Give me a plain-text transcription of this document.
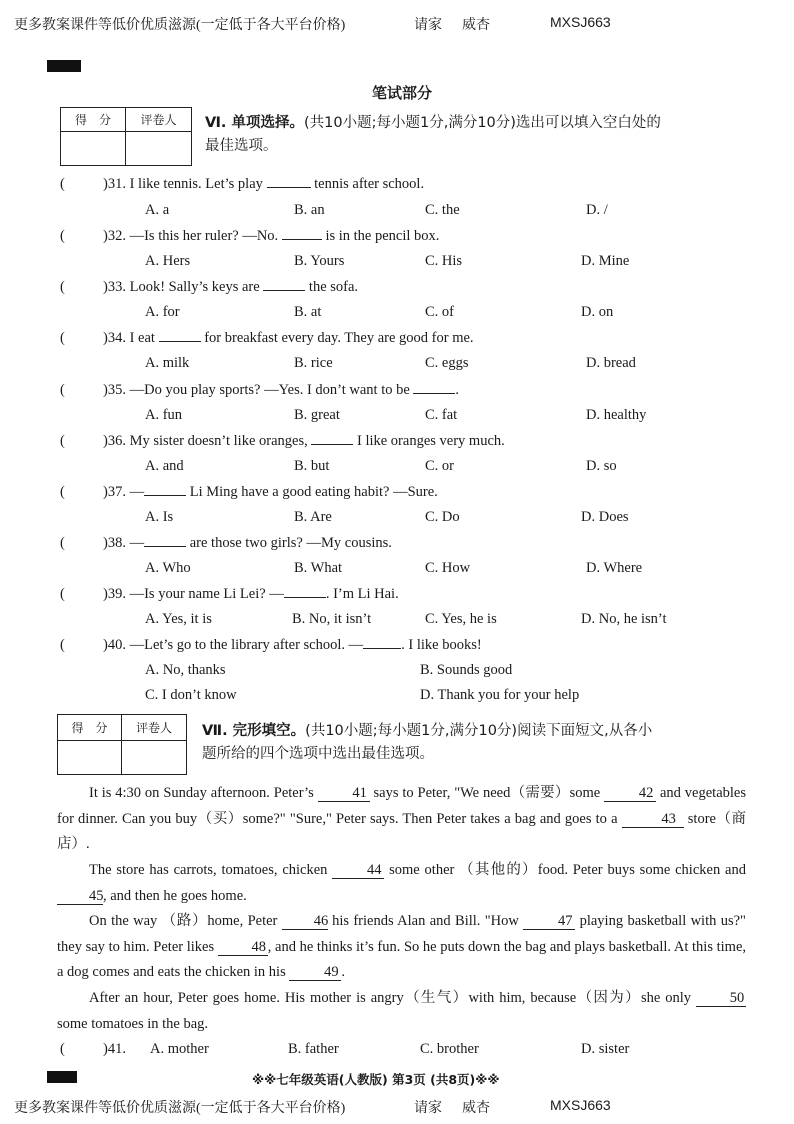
更多教案课件等低价优质滋源(一定低于各大平台价格)	请家 威杏	MXSJ663
笔试部分
得　分	评卷人
	Ⅵ. 单项选择。(共10小题;每小题1分,满分10分)选出可以填入空白处的
最佳选项。
(	)31. I like tennis. Let’s play	tennis after school.
(	)32. —Is this her ruler? —No.	is in the pencil box.
(	)33. Look! Sally’s keys are	the sofa.
(	)34. I eat	for breakfast every day. They are good for me.
(	)35. —Do you play sports? —Yes. I don’t want to be	.
(	)36. My sister doesn’t like oranges,	I like oranges very much.
(	)37. —	Li Ming have a good eating habit? —Sure.
(	)38. —	are those two girls? —My cousins.
(	)39. —Is your name Li Lei? —	. I’m Li Hai.
(	)40. —Let’s go to the library after school. —	. I like books!
得　分	评卷人
	Ⅶ. 完形填空。(共10小题;每小题1分,满分10分)阅读下面短文,从各小
题所给的四个选项中选出最佳选项。
It is 4:30 on Sunday afternoon. Peter’s 41 says to Peter, "We need（需要）some 42 and vegetables for dinner. Can you buy（买）some?" "Sure," Peter says. Then Peter takes a bag and goes to a	43 store（商店）.
The store has carrots, tomatoes, chicken 44 some other （其他的）food. Peter buys some chicken and 45, and then he goes home.
On the way （路）home, Peter 46 his friends Alan and Bill. "How 47 playing basketball with us?" they say to him. Peter likes 48 , and he thinks it’s fun. So he puts down the bag and plays basketball. At this time, a dog comes and eats the chicken in his 49 .
After an hour, Peter goes home. His mother is angry（生气）with him, because（因为）she only 50 some tomatoes in the bag.
(	)41. A. mother	B. father	C. brother	D. sister
※※七年级英语(人教版) 第3页 (共8页)※※
更多教案课件等低价优质滋源(一定低于各大平台价格)	请家 威杏	MXSJ663
A. a	B. an	C. the	D. /
A. Hers	B. Yours	C. His	D. Mine
A. for	B. at	C. of	D. on
A. milk	B. rice	C. eggs	D. bread
A. fun	B. great	C. fat	D. healthy
A. and	B. but	C. or	D. so
A. Is	B. Are	C. Do	D. Does
A. Who	B. What	C. How	D. Where
A. Yes, it is	B. No, it isn’t	C. Yes, he is	D. No, he isn’t
A. No, thanks	B. Sounds good
C. I don’t know	D. Thank you for your help
